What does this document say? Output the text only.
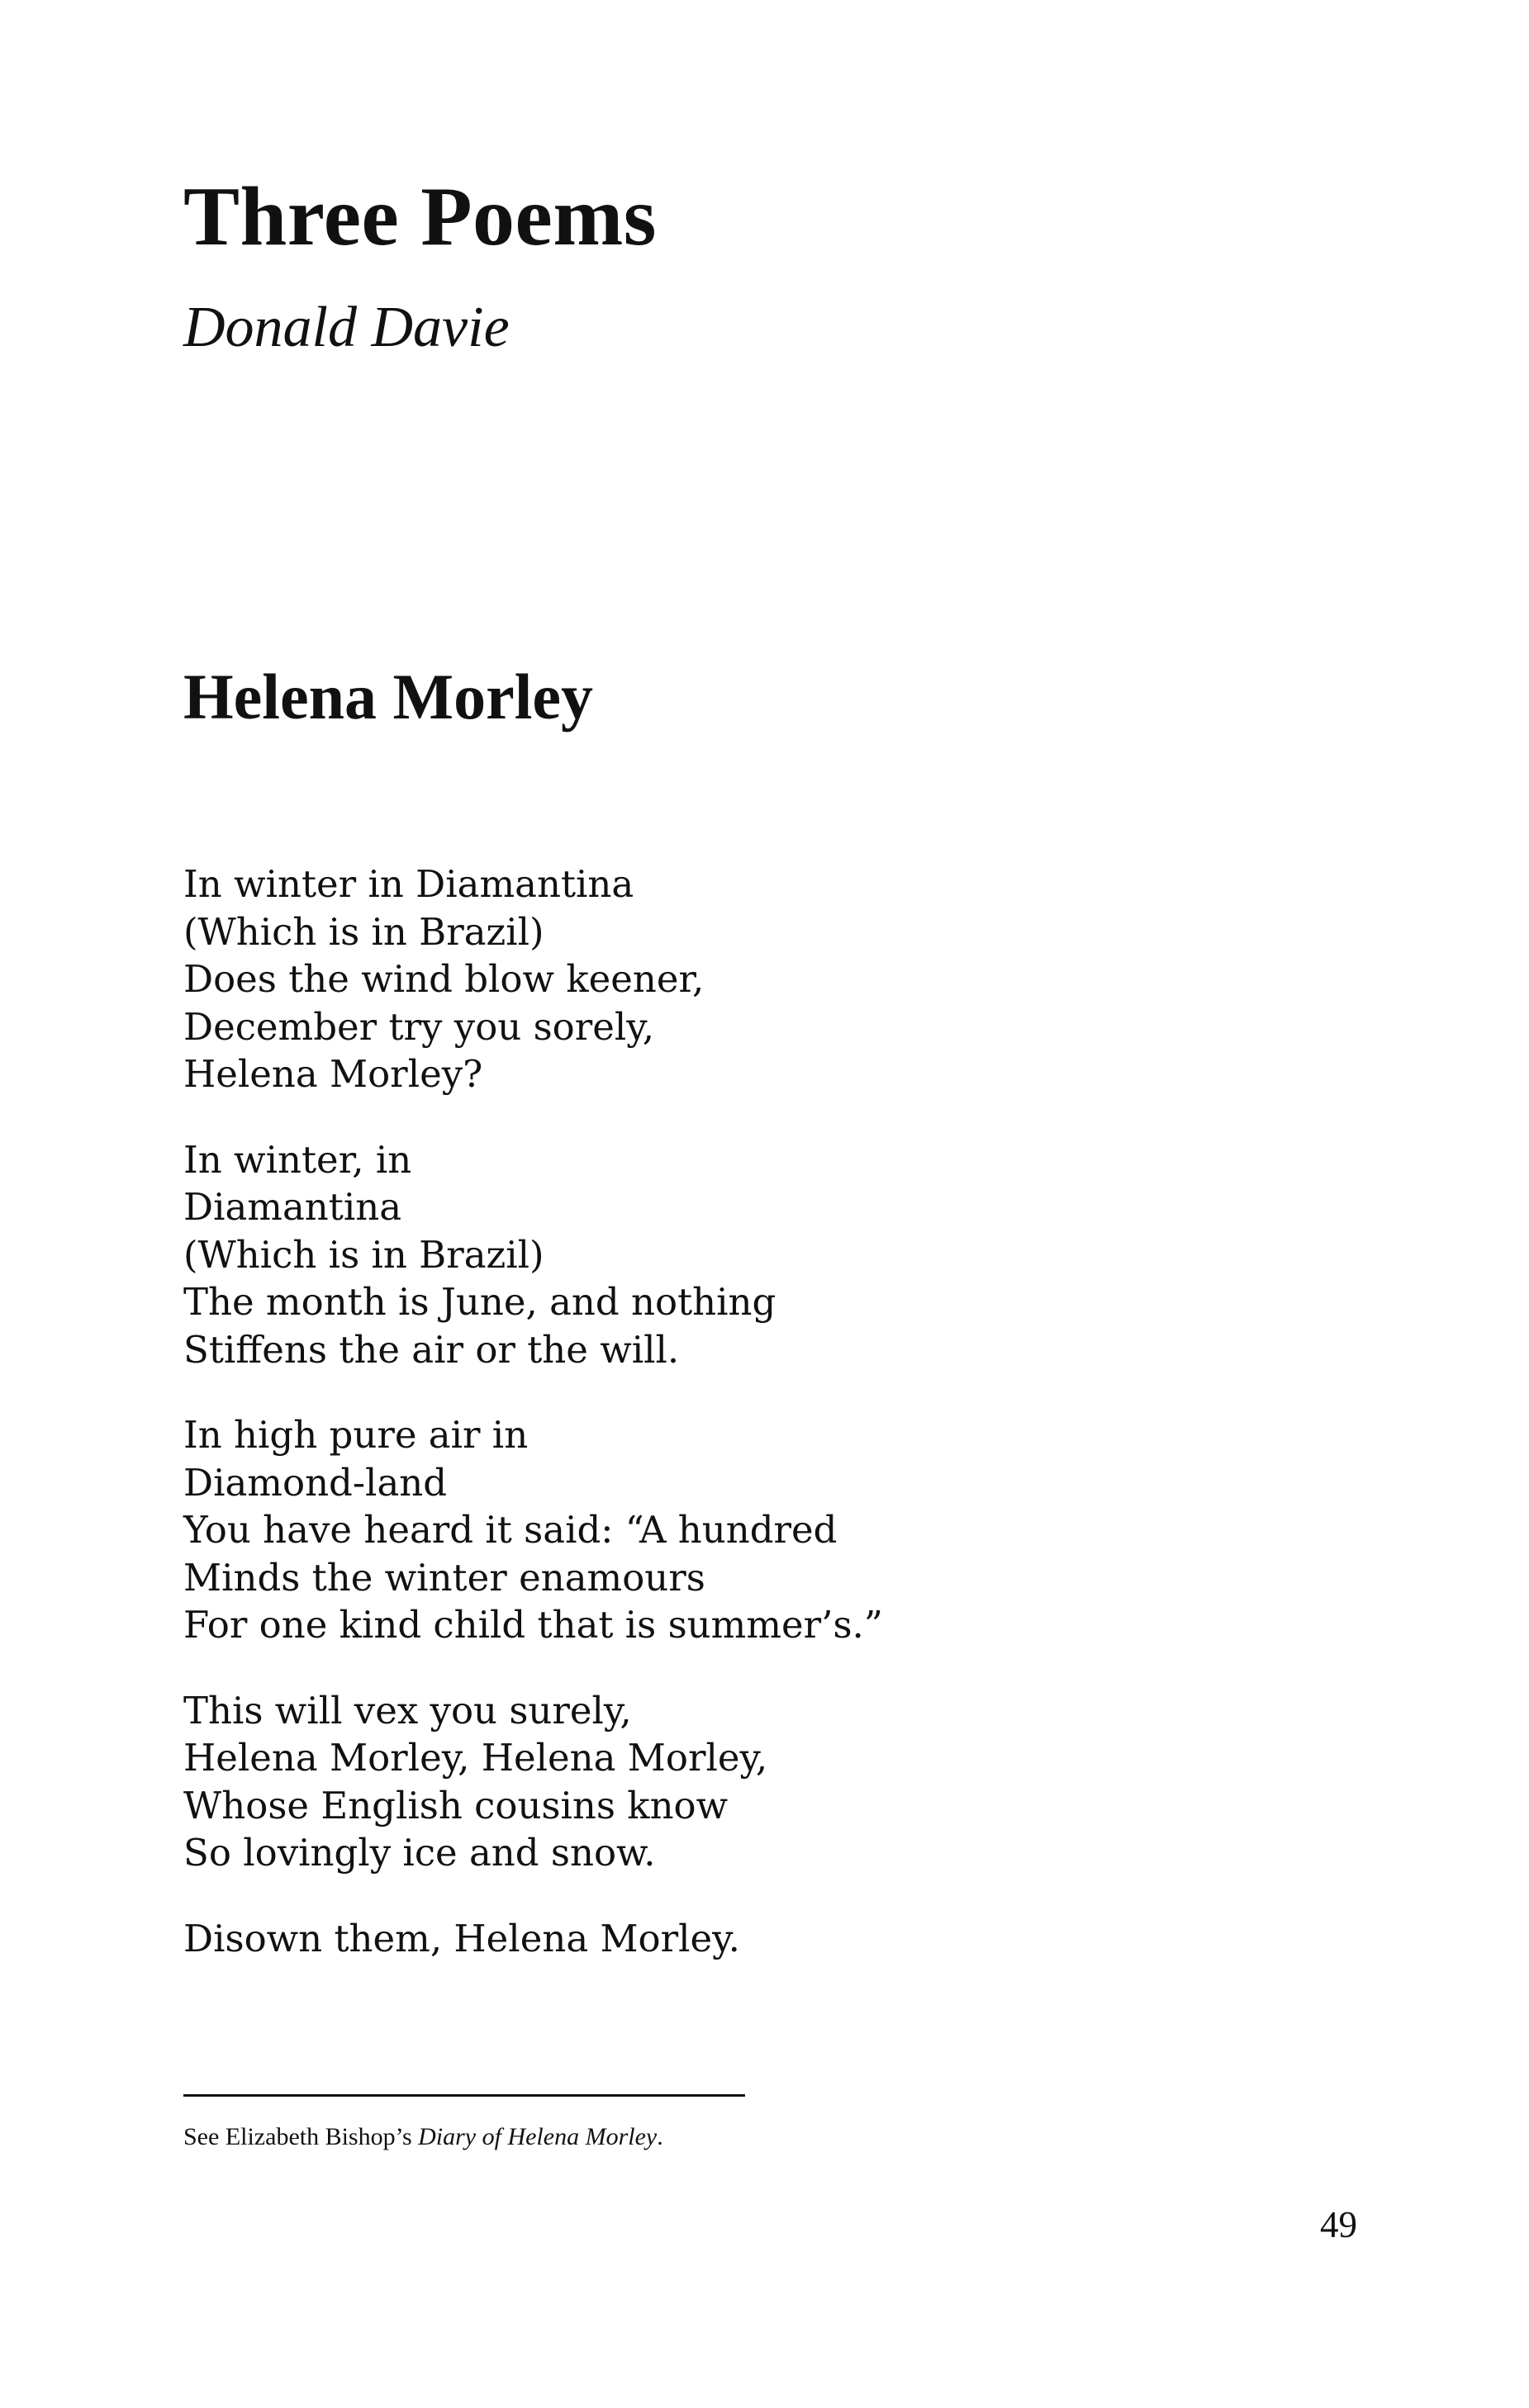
Three Poems

Donald Davie

Helena Morley
In winter in Diamantina
(Which is in Brazil)
Does the wind blow keener,
December try you sorely,
Helena Morley?
In winter, in
Diamantina
(Which is in Brazil)
The month is June, and nothing
Stiffens the air or the will.
In high pure air in
Diamond-land
You have heard it said: “A hundred
Minds the winter enamours
For one kind child that is summer’s.”
This will vex you surely,
Helena Morley, Helena Morley,
Whose English cousins know
So lovingly ice and snow.
Disown them, Helena Morley.

See Elizabeth Bishop’s Diary of Helena Morley.

49
